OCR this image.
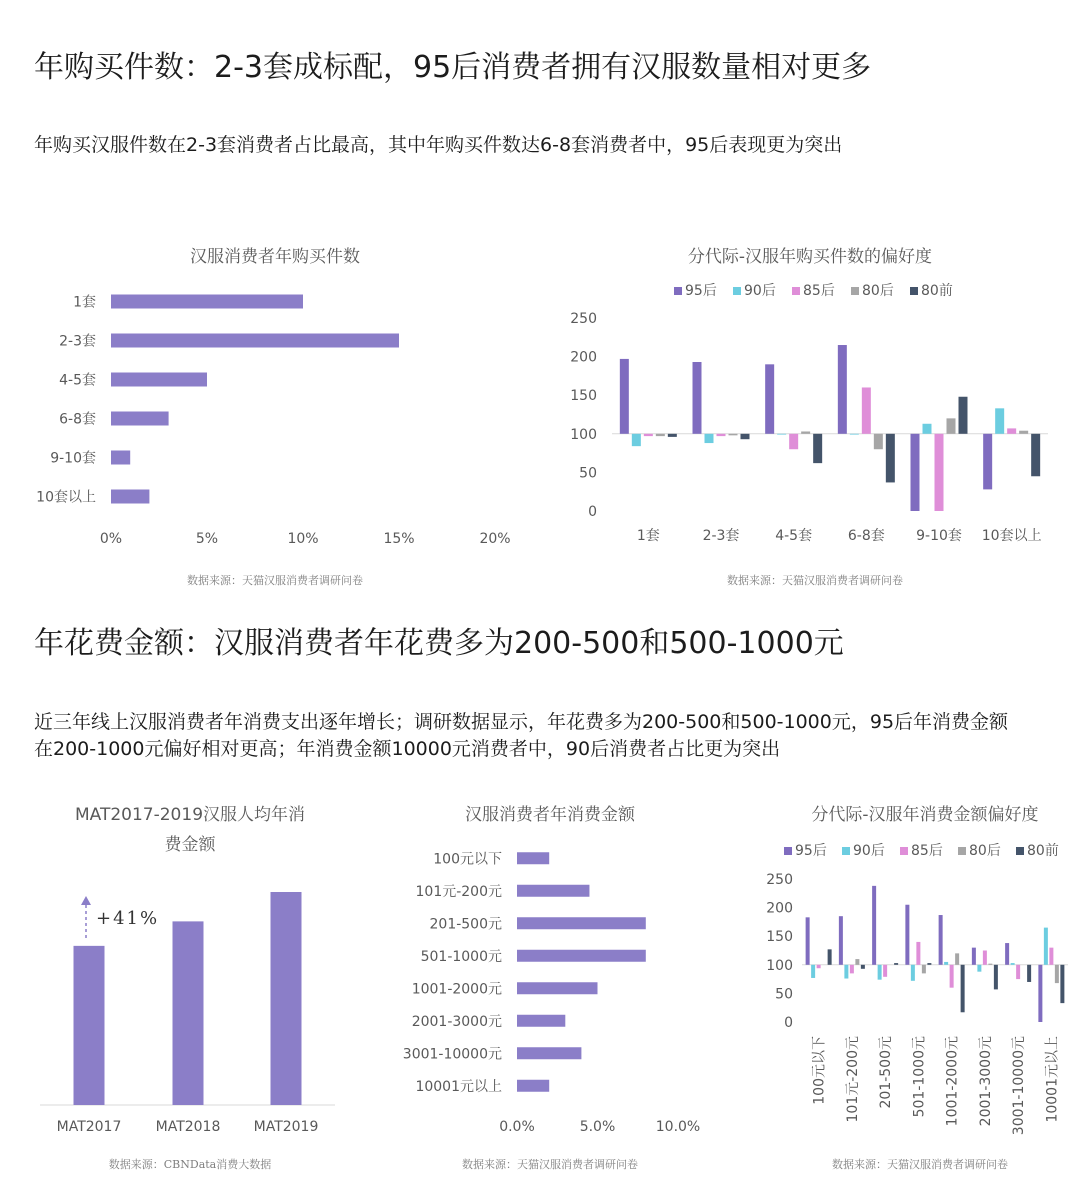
年购买件数：2-3套成标配，95后消费者拥有汉服数量相对更多
年购买汉服件数在2-3套消费者占比最高，其中年购买件数达6-8套消费者中，95后表现更为突出
汉服消费者年购买件数
1套
2-3套
4-5套
6-8套
9-10套
10套以上
0%	5%	10%	15%	20%
数据来源：天猫汉服消费者调研问卷
分代际-汉服年购买件数的偏好度
0
50
100
150
200
250
1套	2-3套	4-5套	6-8套 9-10套 10套以上
95后 90后 85后 80后 80前
数据来源：天猫汉服消费者调研问卷
年花费金额：汉服消费者年花费多为200-500和500-1000元
近三年线上汉服消费者年消费支出逐年增长；调研数据显示，年花费多为200-500和500-1000元，95后年消费金额
在200-1000元偏好相对更高；年消费金额10000元消费者中，90后消费者占比更为突出
MAT2017-2019汉服人均年消
费金额
MAT2017 MAT2018 MAT2019
+41%
数据来源：CBNData消费大数据
汉服消费者年消费金额
100元以下
101元-200元
201-500元
501-1000元
1001-2000元
2001-3000元
3001-10000元
10001元以上
0.0%	5.0%	10.0%
数据来源：天猫汉服消费者调研问卷
分代际-汉服年消费金额偏好度
0
50
100
150
200
250
100元以下 101元-200元 201-500元 501-1000元 1001-2000元 2001-3000元 3001-10000元 10001元以上
95后 90后 85后 80后 80前
数据来源：天猫汉服消费者调研问卷
